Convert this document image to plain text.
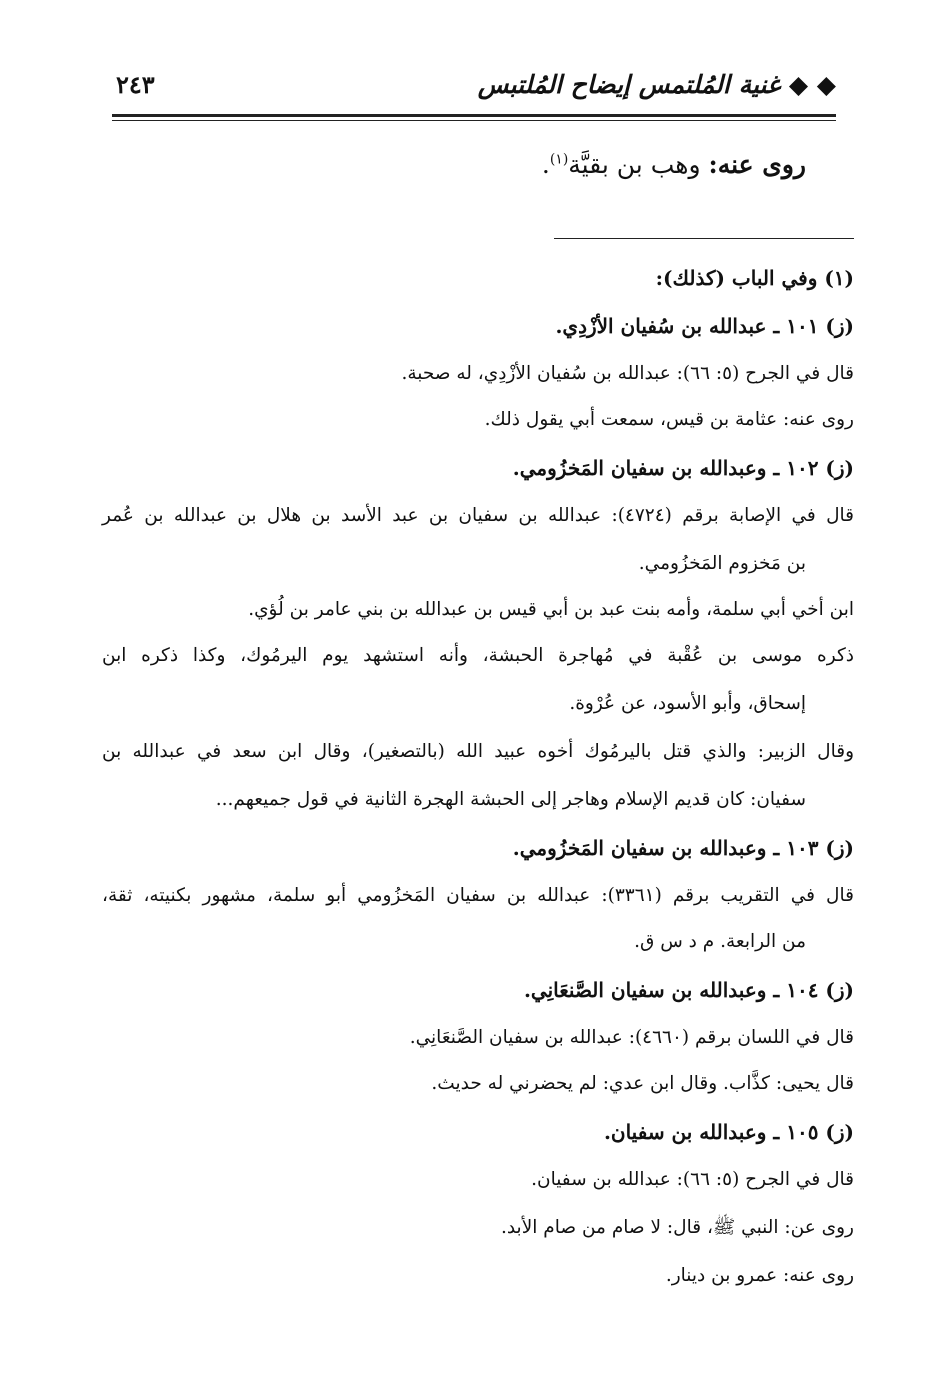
◆ ◆ غنية المُلتمس إيضاح المُلتبس
٢٤٣
روى عنه: وهب بن بقيَّة$^{(١)}$.
(١) وفي الباب (كذلك):
(ز) ١٠١ ـ عبدالله بن سُفيان الأزْدِي.
قال في الجرح (٥: ٦٦): عبدالله بن سُفيان الأزْدِي، له صحبة.
روى عنه: عثامة بن قيس، سمعت أبي يقول ذلك.
(ز) ١٠٢ ـ وعبدالله بن سفيان المَخزُومي.
قال في الإصابة برقم (٤٧٢٤): عبدالله بن سفيان بن عبد الأسد بن هلال بن عبدالله بن عُمر
بن مَخزوم المَخزُومي.
ابن أخي أبي سلمة، وأمه بنت عبد بن أبي قيس بن عبدالله بن بني عامر بن لُؤي.
ذكره موسى بن عُقْبة في مُهاجرة الحبشة، وأنه استشهد يوم اليرمُوك، وكذا ذكره ابن
إسحاق، وأبو الأسود، عن عُرْوة.
وقال الزبير: والذي قتل باليرمُوك أخوه عبيد الله (بالتصغير)، وقال ابن سعد في عبدالله بن
سفيان: كان قديم الإسلام وهاجر إلى الحبشة الهجرة الثانية في قول جميعهم...
(ز) ١٠٣ ـ وعبدالله بن سفيان المَخزُومي.
قال في التقريب برقم (٣٣٦١): عبدالله بن سفيان المَخزُومي أبو سلمة، مشهور بكنيته، ثقة،
من الرابعة. م د س ق.
(ز) ١٠٤ ـ وعبدالله بن سفيان الصَّنعَانِي.
قال في اللسان برقم (٤٦٦٠): عبدالله بن سفيان الصَّنعَانِي.
قال يحيى: كذَّاب. وقال ابن عدي: لم يحضرني له حديث.
(ز) ١٠٥ ـ وعبدالله بن سفيان.
قال في الجرح (٥: ٦٦): عبدالله بن سفيان.
روى عن: النبي ﷺ، قال: لا صام من صام الأبد.
روى عنه: عمرو بن دينار.
